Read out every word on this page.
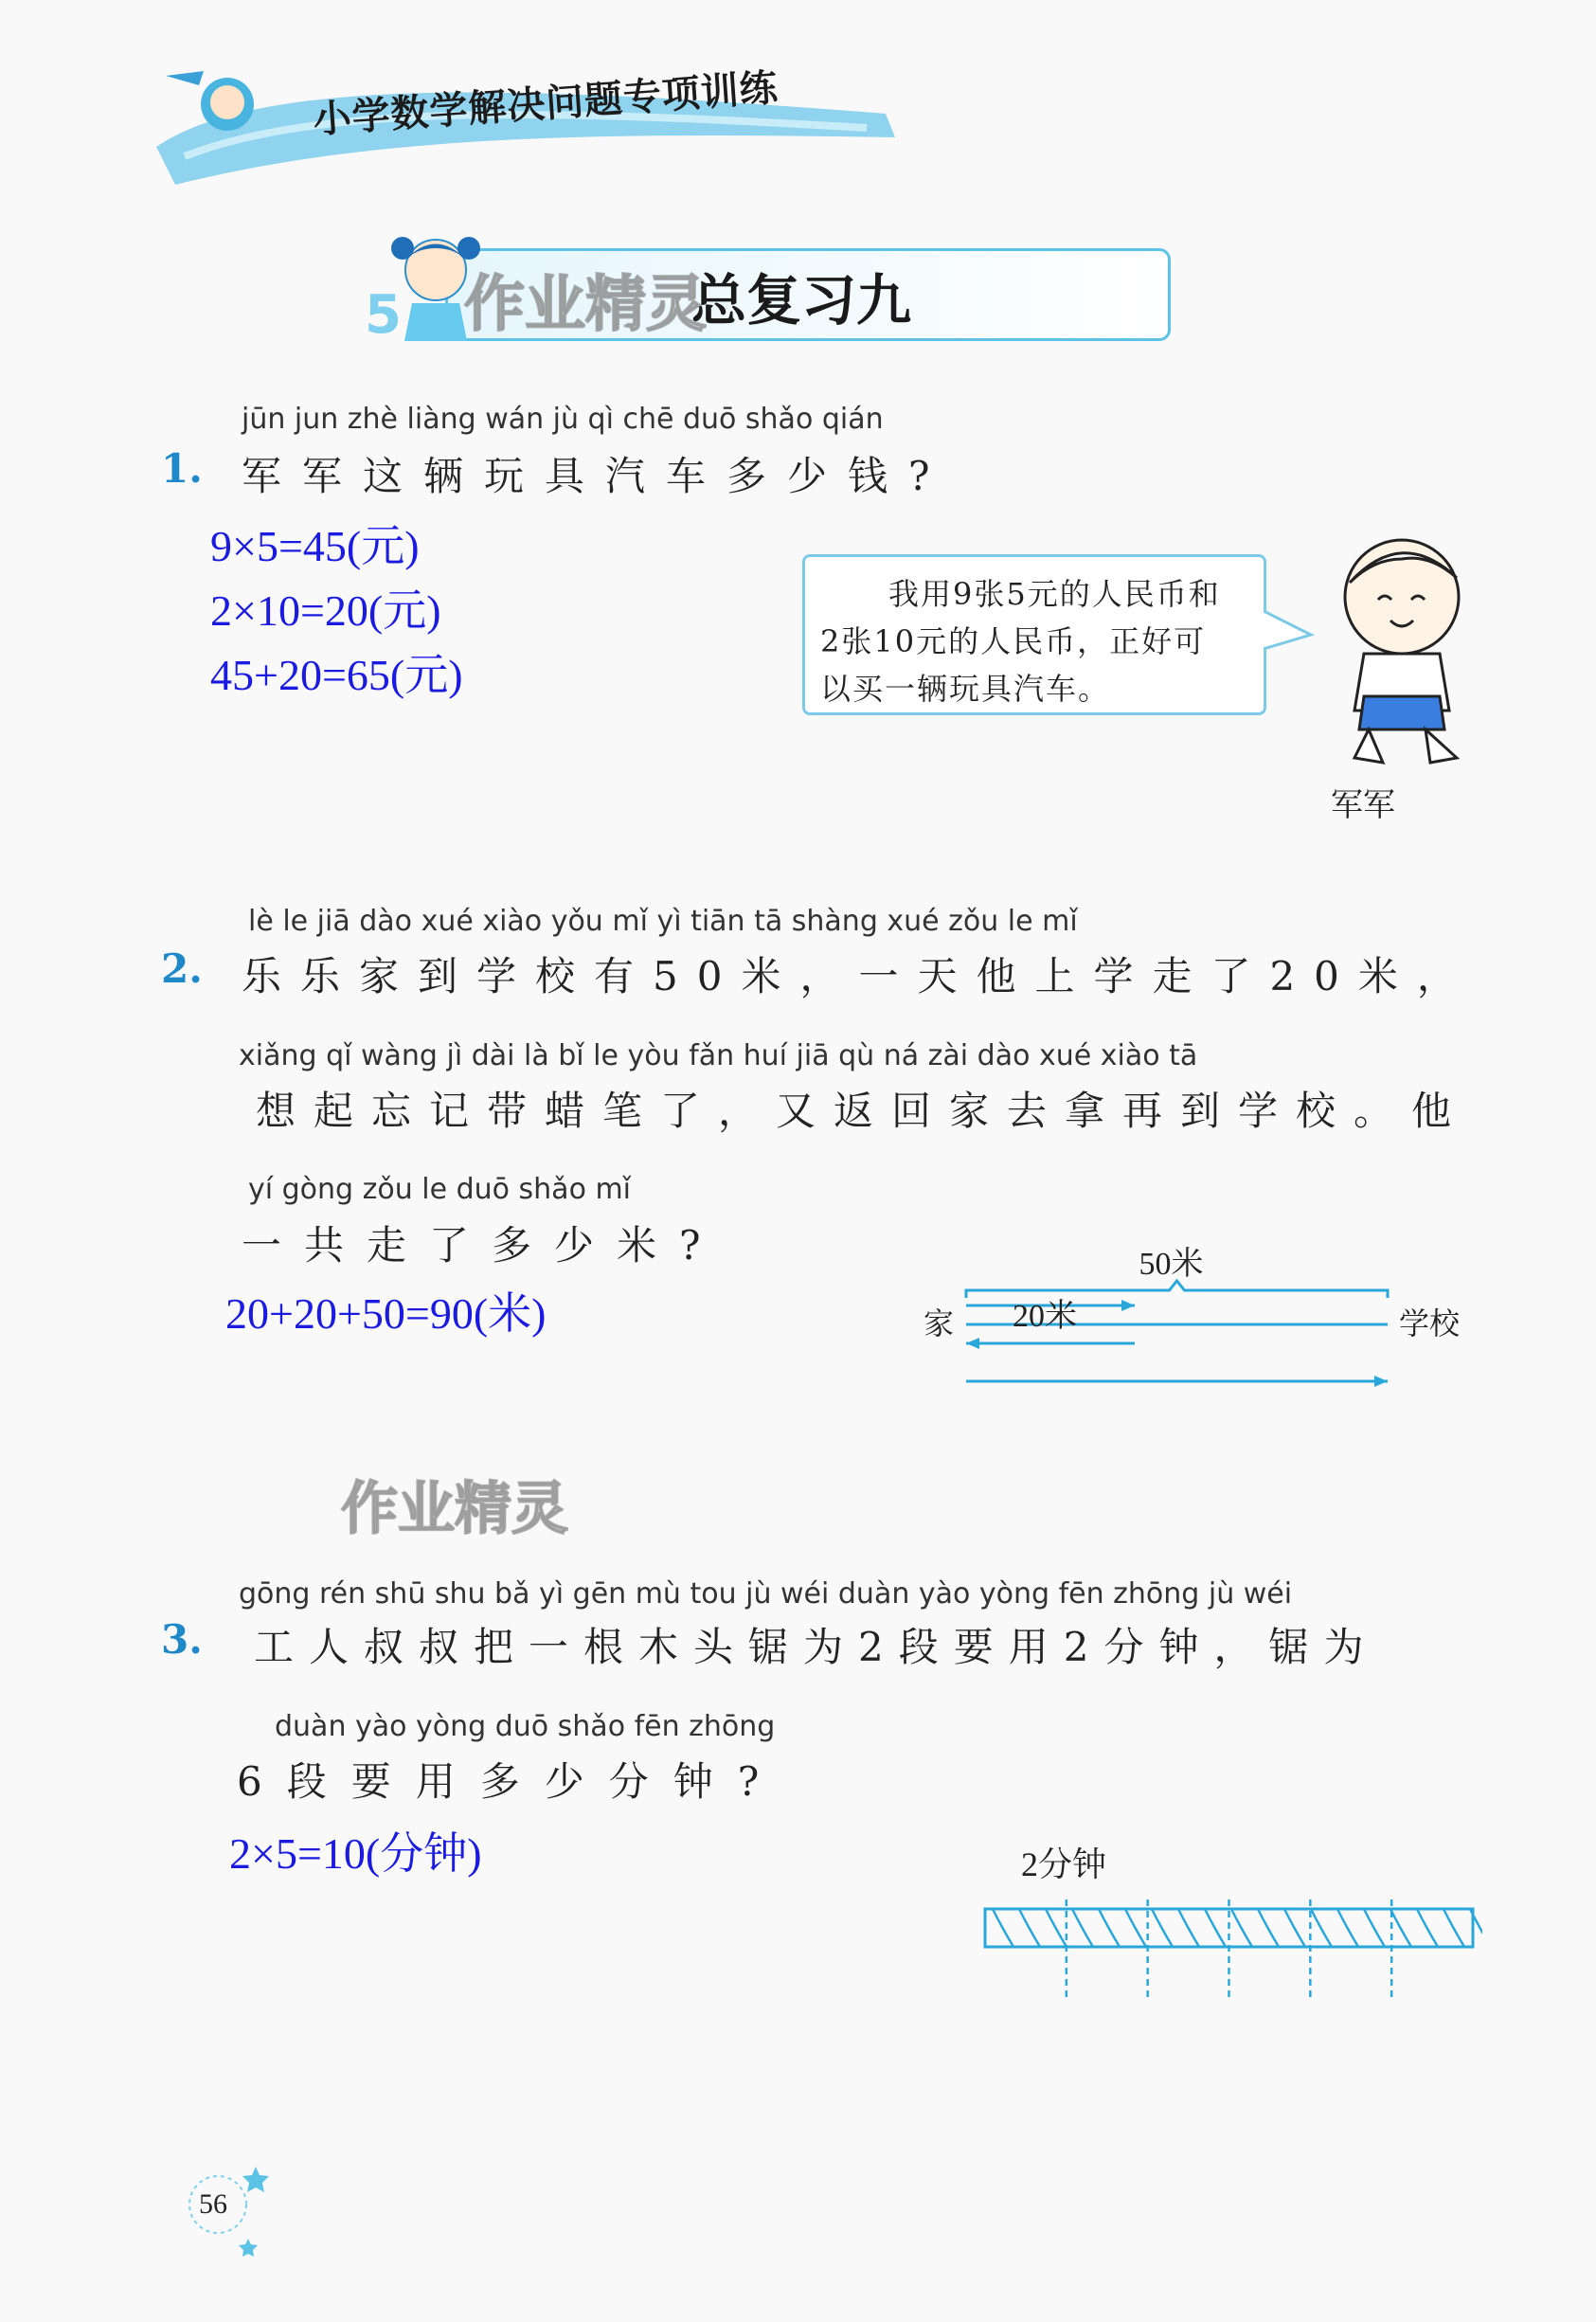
小学数学解决问题专项训练
5 作业精灵
总复习九
jūn jun zhè liàng wán jù qì chē duō shǎo qián
1. 军军这辆玩具汽车多少钱?
9×5=45(元)
2×10=20(元)
45+20=65(元)
我用9张5元的人民币和
2张10元的人民币，正好可
以买一辆玩具汽车。
军军
lè le jiā dào xué xiào yǒu mǐ yì tiān tā shàng xué zǒu le mǐ
2. 乐乐家到学校有50米，一天他上学走了20米，
xiǎng qǐ wàng jì dài là bǐ le yòu fǎn huí jiā qù ná zài dào xué xiào tā
想起忘记带蜡笔了，又返回家去拿再到学校。他
yí gòng zǒu le duō shǎo mǐ
一共走了多少米?
20+20+50=90(米)
50米
20米
家	学校
作业精灵
gōng rén shū shu bǎ yì gēn mù tou jù wéi duàn yào yòng fēn zhōng jù wéi
3. 工人叔叔把一根木头锯为2段要用2分钟，锯为
duàn yào yòng duō shǎo fēn zhōng
6段要用多少分钟?
2×5=10(分钟)	2分钟
56
